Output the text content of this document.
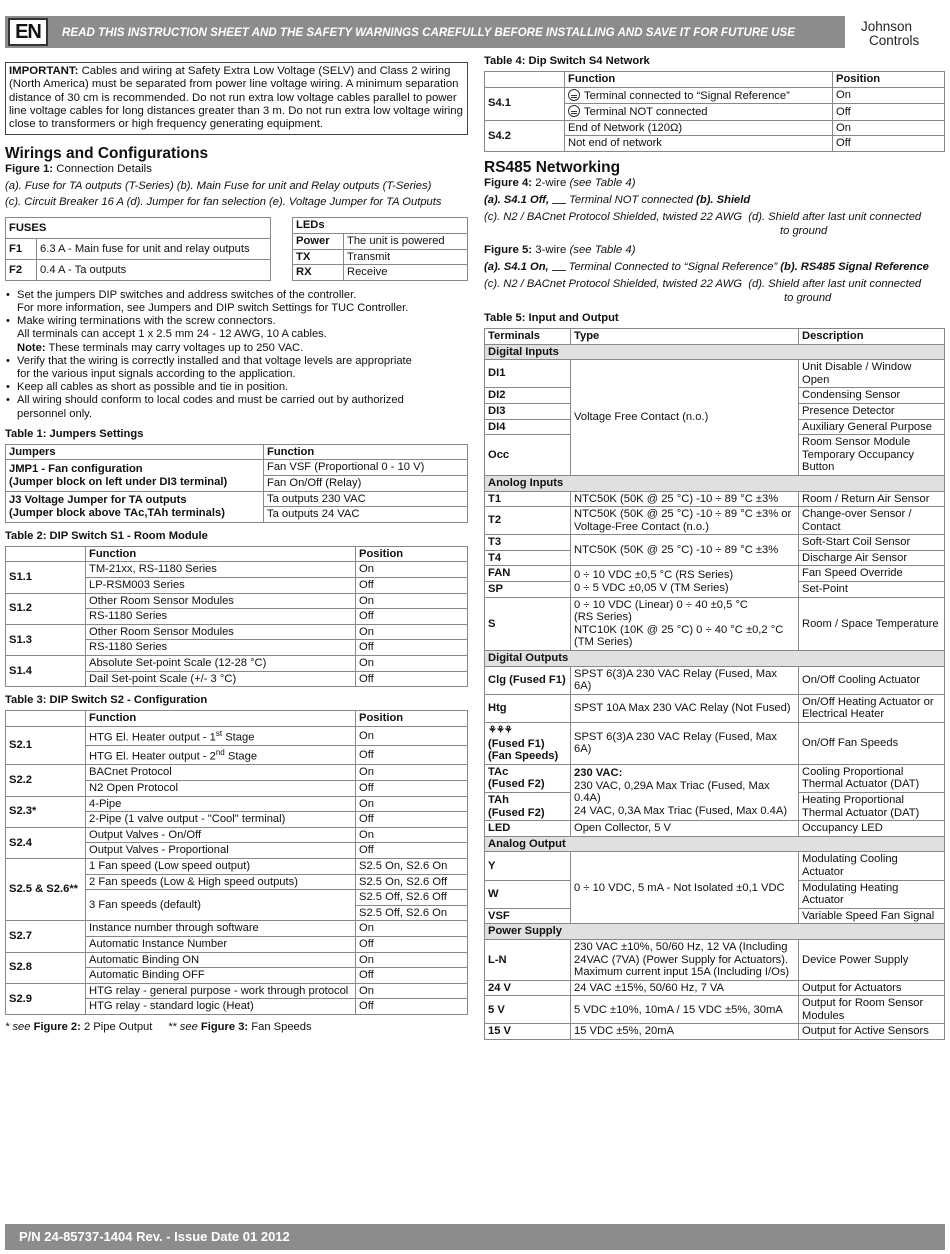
EN	READ THIS INSTRUCTION SHEET AND THE SAFETY WARNINGS CAREFULLY BEFORE INSTALLING AND SAVE IT FOR FUTURE USE	Johnson
Controls
IMPORTANT: Cables and wiring at Safety Extra Low Voltage (SELV) and Class 2 wiring (North America) must be separated from power line voltage wiring. A minimum separation distance of 30 cm is recommended. Do not run extra low voltage cables parallel to power line voltage cables for long distances greater than 3 m. Do not run extra low voltage wiring close to transformers or high frequency generating equipment.
Wirings and Configurations
Figure 1: Connection Details
(a). Fuse for TA outputs (T-Series) (b). Main Fuse for unit and Relay outputs (T-Series)
(c). Circuit Breaker 16 A (d). Jumper for fan selection (e). Voltage Jumper for TA Outputs
FUSES	
F1	6.3 A - Main fuse for unit and relay outputs
F2	0.4 A - Ta outputs
LEDs	
Power	The unit is powered
TX	Transmit
RX	Receive
• Set the jumpers DIP switches and address switches of the controller.
For more information, see Jumpers and DIP switch Settings for TUC Controller.
• Make wiring terminations with the screw connectors.
All terminals can accept 1 x 2.5 mm 24 - 12 AWG, 10 A cables.
Note: These terminals may carry voltages up to 250 VAC.
• Verify that the wiring is correctly installed and that voltage levels are appropriate
for the various input signals according to the application.
• Keep all cables as short as possible and tie in position.
• All wiring should conform to local codes and must be carried out by authorized
personnel only.
Table 1: Jumpers Settings
Jumpers	Function
JMP1 - Fan configuration
(Jumper block on left under DI3 terminal)	Fan VSF (Proportional 0 - 10 V)
	Fan On/Off (Relay)
J3 Voltage Jumper for TA outputs
(Jumper block above TAc,TAh terminals)	Ta outputs 230 VAC
	Ta outputs 24 VAC
Table 2: DIP Switch S1 - Room Module
	Function	Position
S1.1	TM-21xx, RS-1180 Series	On
	LP-RSM003 Series	Off
S1.2	Other Room Sensor Modules	On
	RS-1180 Series	Off
S1.3	Other Room Sensor Modules	On
	RS-1180 Series	Off
S1.4	Absolute Set-point Scale (12-28 °C)	On
	Dail Set-point Scale (+/- 3 °C)	Off
Table 3: DIP Switch S2 - Configuration
	Function	Position
S2.1	HTG El. Heater output - 1st Stage	On
	HTG El. Heater output - 2nd Stage	Off
S2.2	BACnet Protocol	On
	N2 Open Protocol	Off
S2.3*	4-Pipe	On
	2-Pipe (1 valve output - "Cool" terminal)	Off
S2.4	Output Valves - On/Off	On
	Output Valves - Proportional	Off
S2.5 & S2.6**	1 Fan speed (Low speed output)	S2.5 On, S2.6 On
	2 Fan speeds (Low & High speed outputs)	S2.5 On, S2.6 Off
	3 Fan speeds (default)	S2.5 Off, S2.6 Off
		S2.5 Off, S2.6 On
S2.7	Instance number through software	On
	Automatic Instance Number	Off
S2.8	Automatic Binding ON	On
	Automatic Binding OFF	Off
S2.9	HTG relay - general purpose - work through protocol	On
	HTG relay - standard logic (Heat)	Off
* see Figure 2: 2 Pipe Output ** see Figure 3: Fan Speeds
Table 4: Dip Switch S4 Network
	Function	Position
S4.1	Terminal connected to “Signal Reference”	On
	Terminal NOT connected	Off
S4.2	End of Network (120Ω)	On
	Not end of network	Off
RS485 Networking
Figure 4: 2-wire (see Table 4)
(a). S4.1 Off, Terminal NOT connected (b). Shield
(c). N2 / BACnet Protocol Shielded, twisted 22 AWG (d). Shield after last unit connected
to ground
Figure 5: 3-wire (see Table 4)
(a). S4.1 On, Terminal Connected to “Signal Reference” (b). RS485 Signal Reference
(c). N2 / BACnet Protocol Shielded, twisted 22 AWG (d). Shield after last unit connected
to ground
Table 5: Input and Output
Terminals	Type	Description
Digital Inputs		
DI1	Voltage Free Contact (n.o.)	Unit Disable / Window Open
DI2		Condensing Sensor
DI3		Presence Detector
DI4		Auxiliary General Purpose
Occ		Room Sensor Module Temporary Occupancy Button
Anolog Inputs		
T1	NTC50K (50K @ 25 °C) -10 ÷ 89 °C ±3%	Room / Return Air Sensor
T2	NTC50K (50K @ 25 °C) -10 ÷ 89 °C ±3% or Voltage-Free Contact (n.o.)	Change-over Sensor / Contact
T3	NTC50K (50K @ 25 °C) -10 ÷ 89 °C ±3%	Soft-Start Coil Sensor
T4		Discharge Air Sensor
FAN	0 ÷ 10 VDC ±0,5 °C (RS Series)
0 ÷ 5 VDC ±0,05 V (TM Series)	Fan Speed Override
SP		Set-Point
S	0 ÷ 10 VDC (Linear) 0 ÷ 40 ±0,5 °C
(RS Series)
NTC10K (10K @ 25 °C) 0 ÷ 40 °C ±0,2 °C
(TM Series)	Room / Space Temperature
Digital Outputs		
Clg (Fused F1)	SPST 6(3)A 230 VAC Relay (Fused, Max 6A)	On/Off Cooling Actuator
Htg	SPST 10A Max 230 VAC Relay (Not Fused)	On/Off Heating Actuator or Electrical Heater
⚘⚘⚘
(Fused F1)
(Fan Speeds)	SPST 6(3)A 230 VAC Relay (Fused, Max 6A)	On/Off Fan Speeds
TAc
(Fused F2)	230 VAC:
230 VAC, 0,29A Max Triac (Fused, Max 0.4A)
24 VAC, 0,3A Max Triac (Fused, Max 0.4A)	Cooling Proportional Thermal Actuator (DAT)
TAh
(Fused F2)		Heating Proportional Thermal Actuator (DAT)
LED	Open Collector, 5 V	Occupancy LED
Analog Output		
Y	0 ÷ 10 VDC, 5 mA - Not Isolated ±0,1 VDC	Modulating Cooling Actuator
W		Modulating Heating Actuator
VSF		Variable Speed Fan Signal
Power Supply		
L-N	230 VAC ±10%, 50/60 Hz, 12 VA (Including 24VAC (7VA) (Power Supply for Actuators). Maximum current input 15A (Including I/Os)	Device Power Supply
24 V	24 VAC ±15%, 50/60 Hz, 7 VA	Output for Actuators
5 V	5 VDC ±10%, 10mA / 15 VDC ±5%, 30mA	Output for Room Sensor Modules
15 V	15 VDC ±5%, 20mA	Output for Active Sensors
P/N 24-85737-1404 Rev. - Issue Date 01 2012
